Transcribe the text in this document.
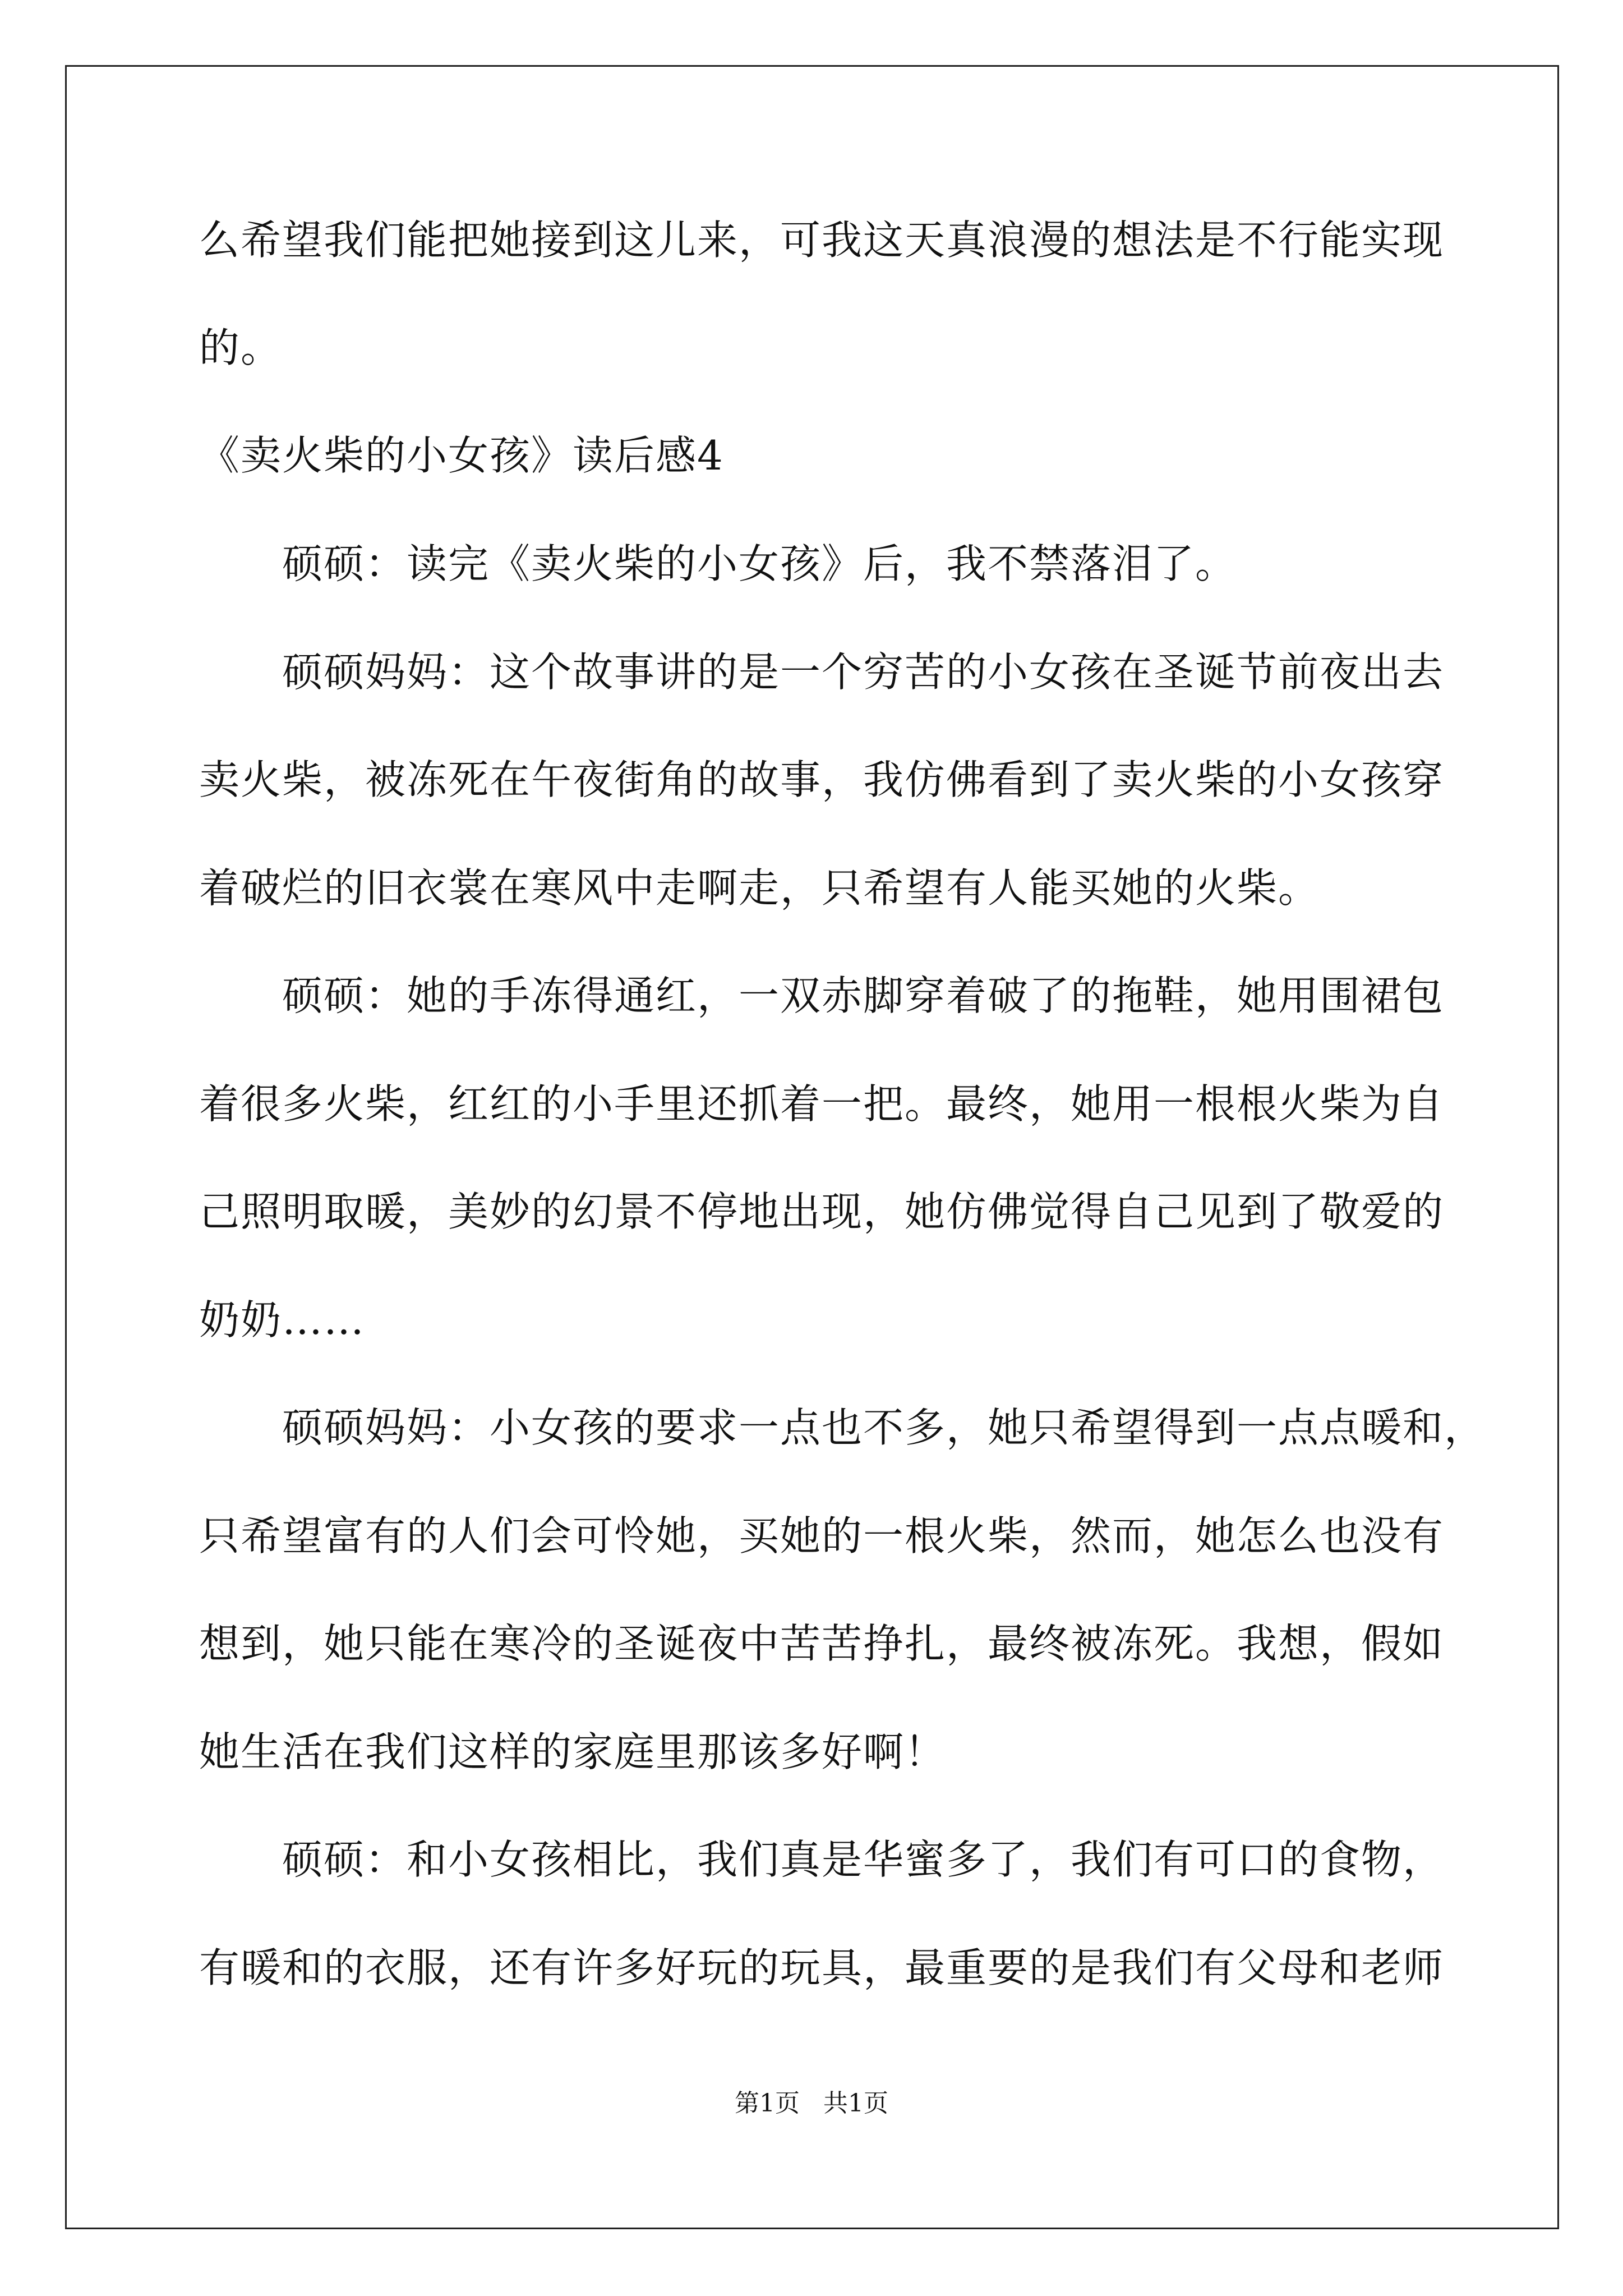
么希望我们能把她接到这儿来，可我这天真浪漫的想法是不行能实现
的。
《卖火柴的小女孩》读后感4
硕硕：读完《卖火柴的小女孩》后，我不禁落泪了。
硕硕妈妈：这个故事讲的是一个穷苦的小女孩在圣诞节前夜出去
卖火柴，被冻死在午夜街角的故事，我仿佛看到了卖火柴的小女孩穿
着破烂的旧衣裳在寒风中走啊走，只希望有人能买她的火柴。
硕硕：她的手冻得通红，一双赤脚穿着破了的拖鞋，她用围裙包
着很多火柴，红红的小手里还抓着一把。最终，她用一根根火柴为自
己照明取暖，美妙的幻景不停地出现，她仿佛觉得自己见到了敬爱的
奶奶……
硕硕妈妈：小女孩的要求一点也不多，她只希望得到一点点暖和，
只希望富有的人们会可怜她，买她的一根火柴，然而，她怎么也没有
想到，她只能在寒冷的圣诞夜中苦苦挣扎，最终被冻死。我想，假如
她生活在我们这样的家庭里那该多好啊！
硕硕：和小女孩相比，我们真是华蜜多了，我们有可口的食物，
有暖和的衣服，还有许多好玩的玩具，最重要的是我们有父母和老师
第1页   共1页
